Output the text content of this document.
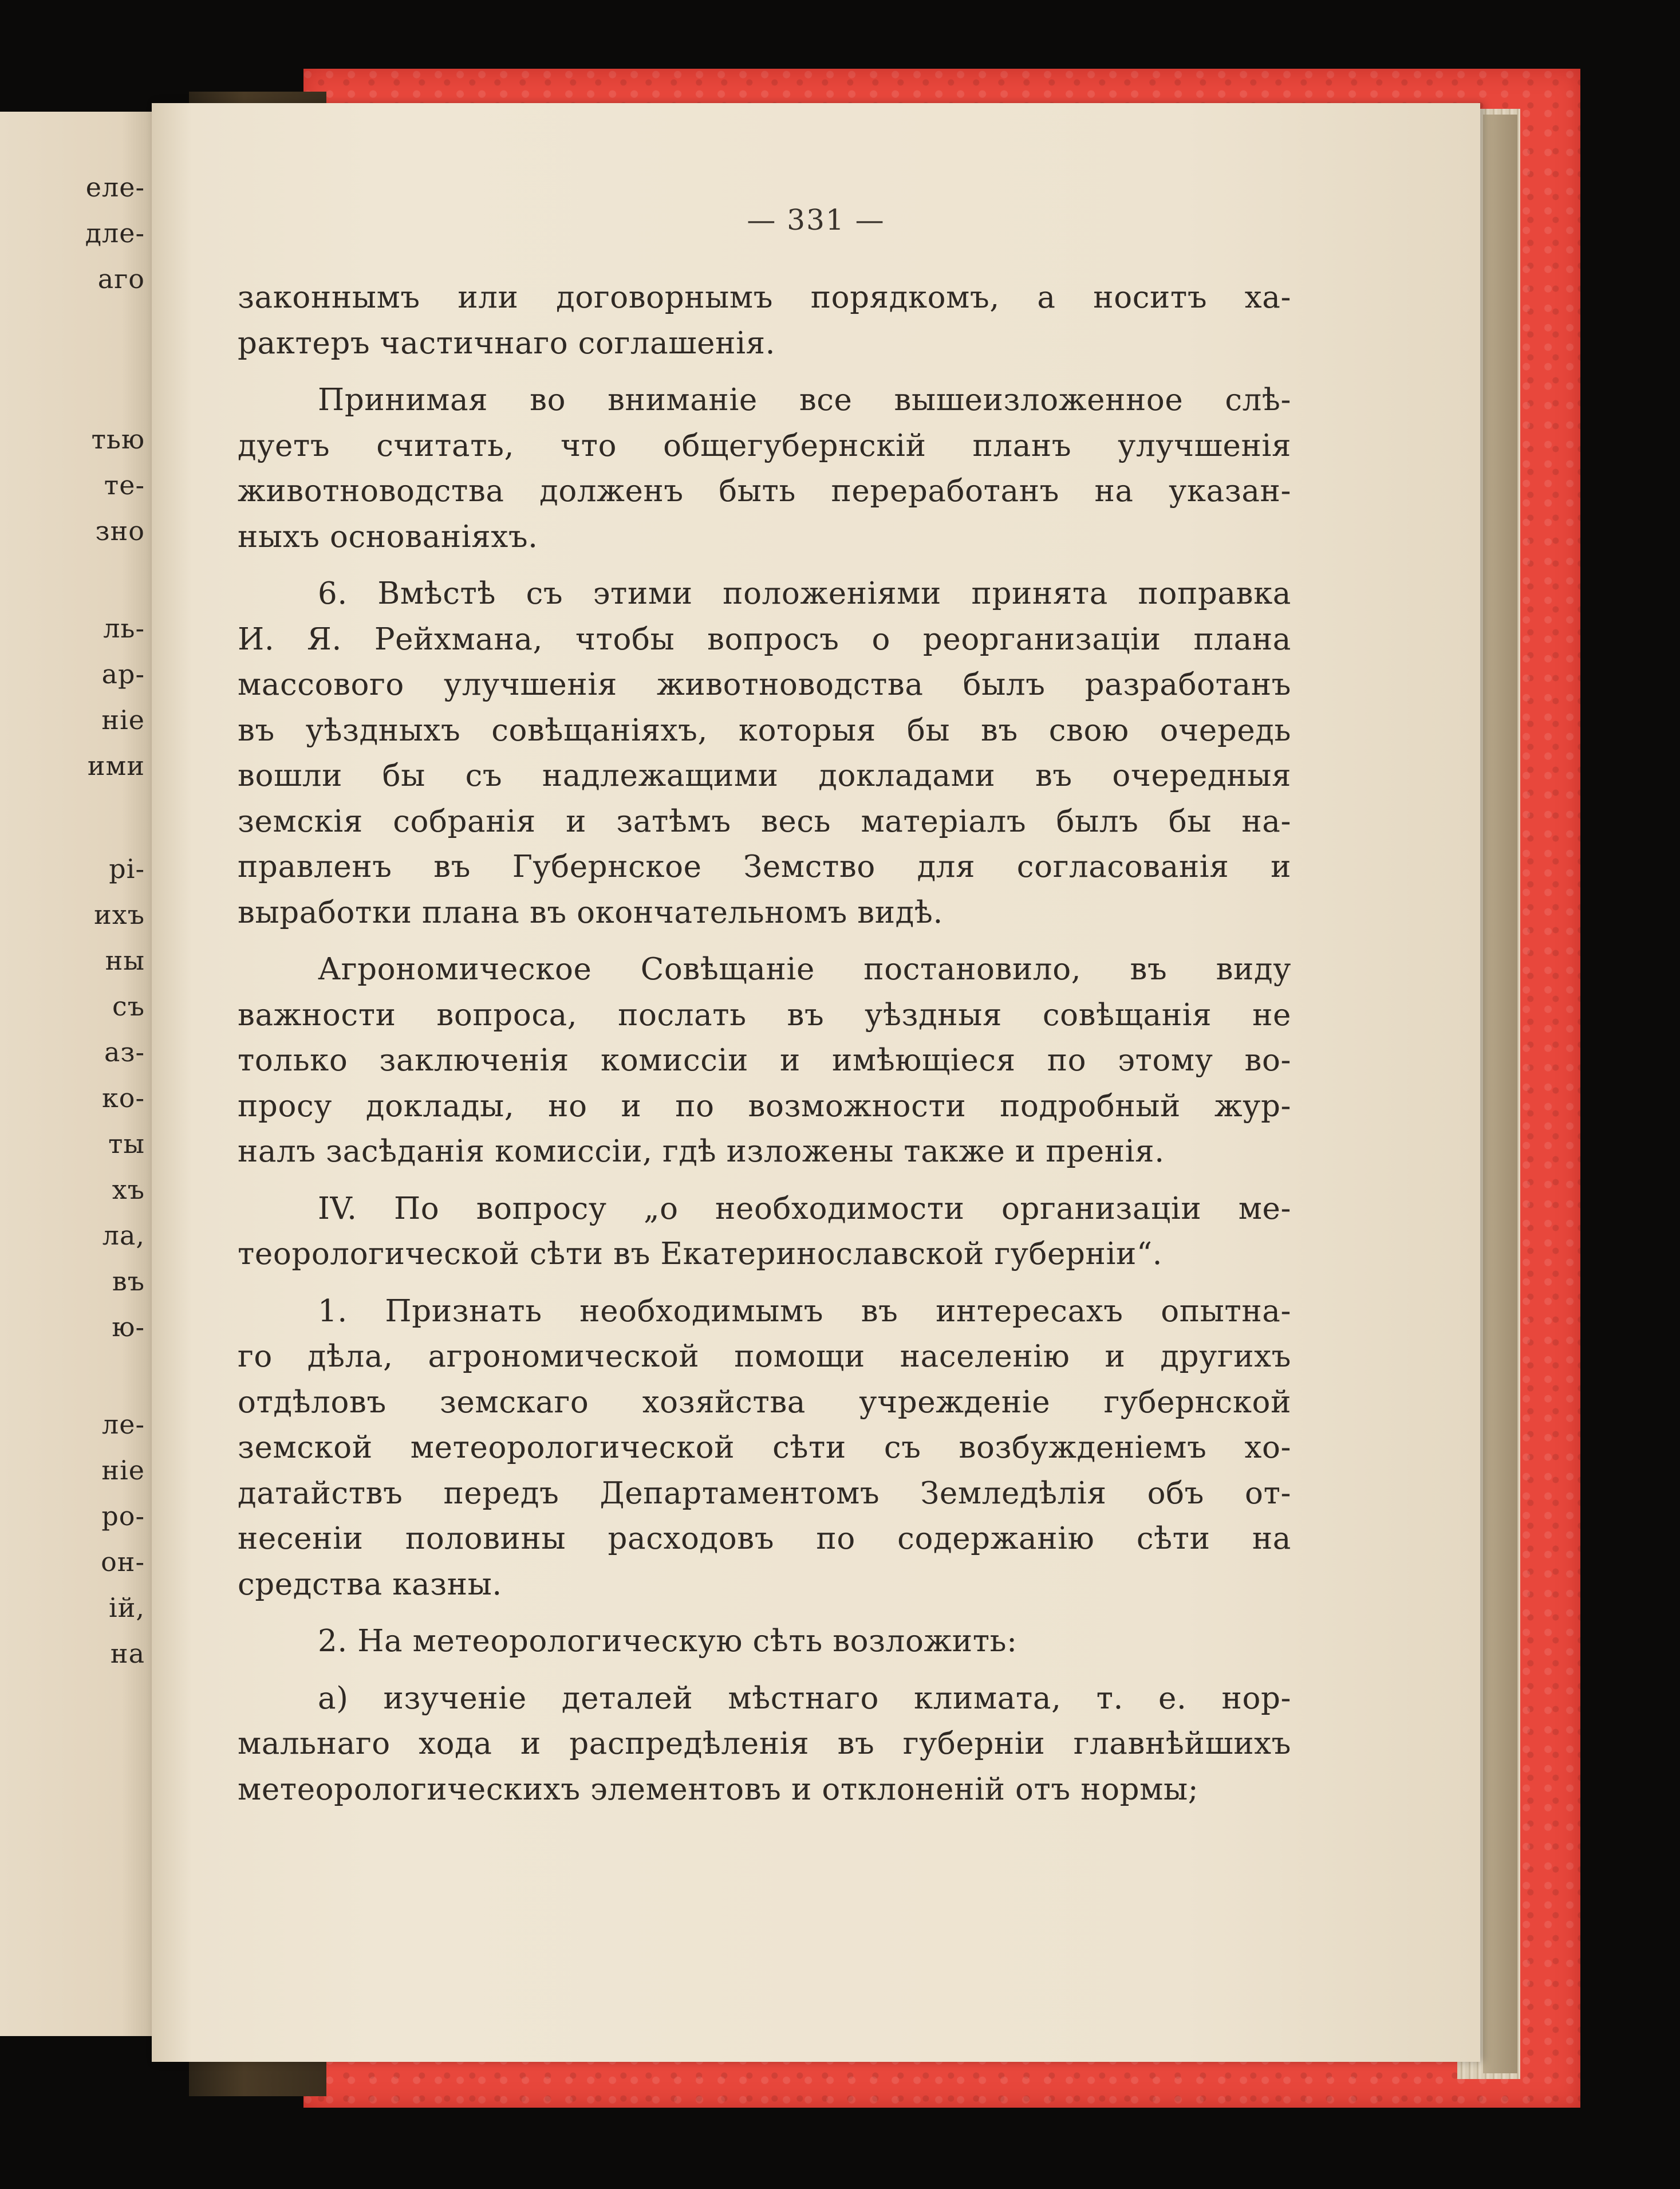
еле-
дле-
аго
тью
те-
зно
ль-
ар-
ніе
ими
рі-
ихъ
ны
съ
аз-
ко-
ты
хъ
ла,
въ
ю-
ле-
ніе
ро-
он-
ій,
на
— 331 —
законнымъ или договорнымъ порядкомъ, а носитъ ха-
рактеръ частичнаго соглашенія.
Принимая во вниманіе все вышеизложенное слѣ-
дуетъ считать, что общегубернскій планъ улучшенія
животноводства долженъ быть переработанъ на указан-
ныхъ основаніяхъ.
6. Вмѣстѣ съ этими положеніями принята поправка
И. Я. Рейхмана, чтобы вопросъ о реорганизаціи плана
массового улучшенія животноводства былъ разработанъ
въ уѣздныхъ совѣщаніяхъ, которыя бы въ свою очередь
вошли бы съ надлежащими докладами въ очередныя
земскія собранія и затѣмъ весь матеріалъ былъ бы на-
правленъ въ Губернское Земство для согласованія и
выработки плана въ окончательномъ видѣ.
Агрономическое Совѣщаніе постановило, въ виду
важности вопроса, послать въ уѣздныя совѣщанія не
только заключенія комиссіи и имѣющіеся по этому во-
просу доклады, но и по возможности подробный жур-
налъ засѣданія комиссіи, гдѣ изложены также и пренія.
IV. По вопросу „о необходимости организаціи ме-
теорологической сѣти въ Екатеринославской губерніи“.
1. Признать необходимымъ въ интересахъ опытна-
го дѣла, агрономической помощи населенію и другихъ
отдѣловъ земскаго хозяйства учрежденіе губернской
земской метеорологической сѣти съ возбужденіемъ хо-
датайствъ передъ Департаментомъ Земледѣлія объ от-
несеніи половины расходовъ по содержанію сѣти на
средства казны.
2. На метеорологическую сѣть возложить:
а) изученіе деталей мѣстнаго климата, т. е. нор-
мальнаго хода и распредѣленія въ губерніи главнѣйшихъ
метеорологическихъ элементовъ и отклоненій отъ нормы;
